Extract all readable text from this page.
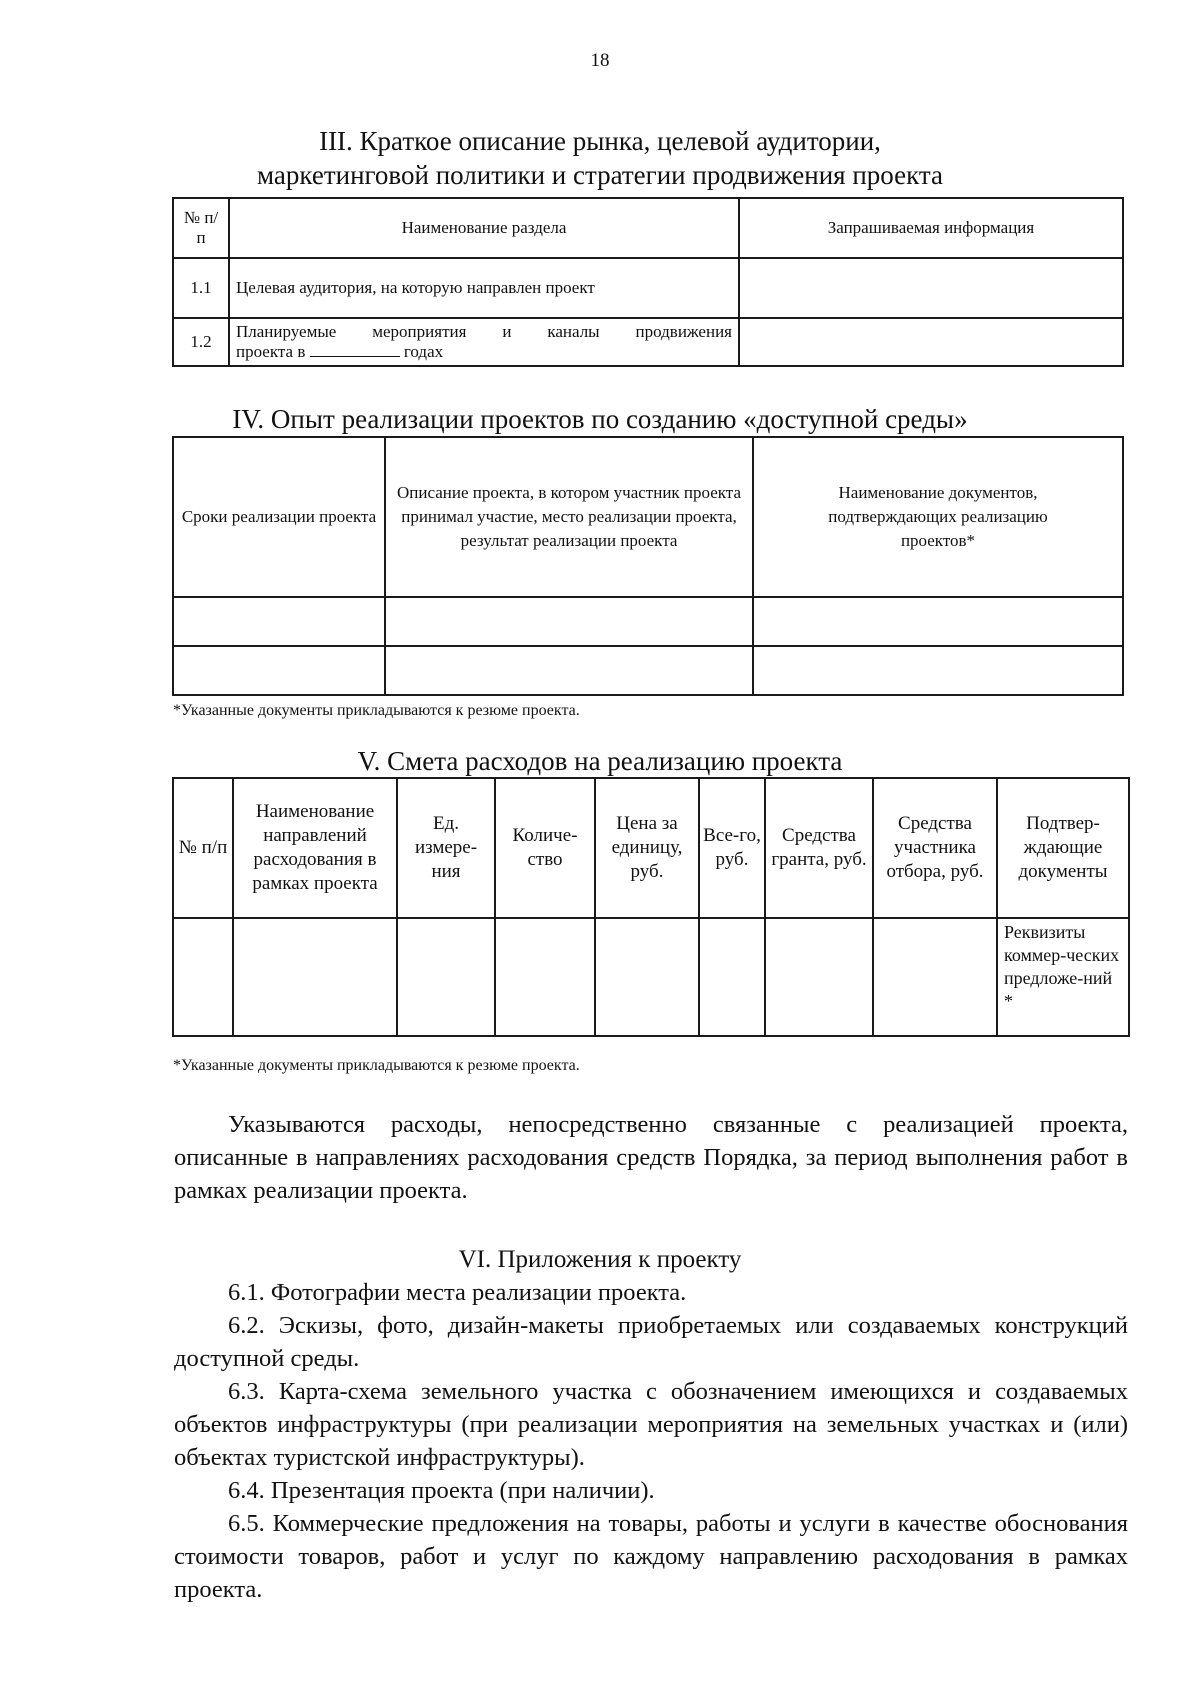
18
III. Краткое описание рынка, целевой аудитории,
маркетинговой политики и стратегии продвижения проекта
№ п/п	Наименование раздела	Запрашиваемая информация
1.1	Целевая аудитория, на которую направлен проект	
1.2	Планируемые мероприятия и каналы продвижения
проекта в годах	

IV. Опыт реализации проектов по созданию «доступной среды»
Сроки реализации проекта	Описание проекта, в котором участник проекта принимал участие, место реализации проекта, результат реализации проекта	Наименование документов, подтверждающих реализацию проектов*

*Указанные документы прикладываются к резюме проекта.
V. Смета расходов на реализацию проекта
№ п/п	Наименование направлений расходования в рамках проекта	Ед. измере-ния	Количе-ство	Цена за единицу, руб.	Все-го, руб.	Средства гранта, руб.	Средства участника отбора, руб.	Подтвер-ждающие документы
								Реквизиты коммер-ческих предложе-ний *
*Указанные документы прикладываются к резюме проекта.
Указываются расходы, непосредственно связанные с реализацией проекта, описанные в направлениях расходования средств Порядка, за период выполнения работ в рамках реализации проекта.
VI. Приложения к проекту
6.1. Фотографии места реализации проекта.
6.2. Эскизы, фото, дизайн-макеты приобретаемых или создаваемых конструкций доступной среды.
6.3. Карта-схема земельного участка с обозначением имеющихся и создаваемых объектов инфраструктуры (при реализации мероприятия на земельных участках и (или) объектах туристской инфраструктуры).
6.4. Презентация проекта (при наличии).
6.5. Коммерческие предложения на товары, работы и услуги в качестве обоснования стоимости товаров, работ и услуг по каждому направлению расходования в рамках проекта.
